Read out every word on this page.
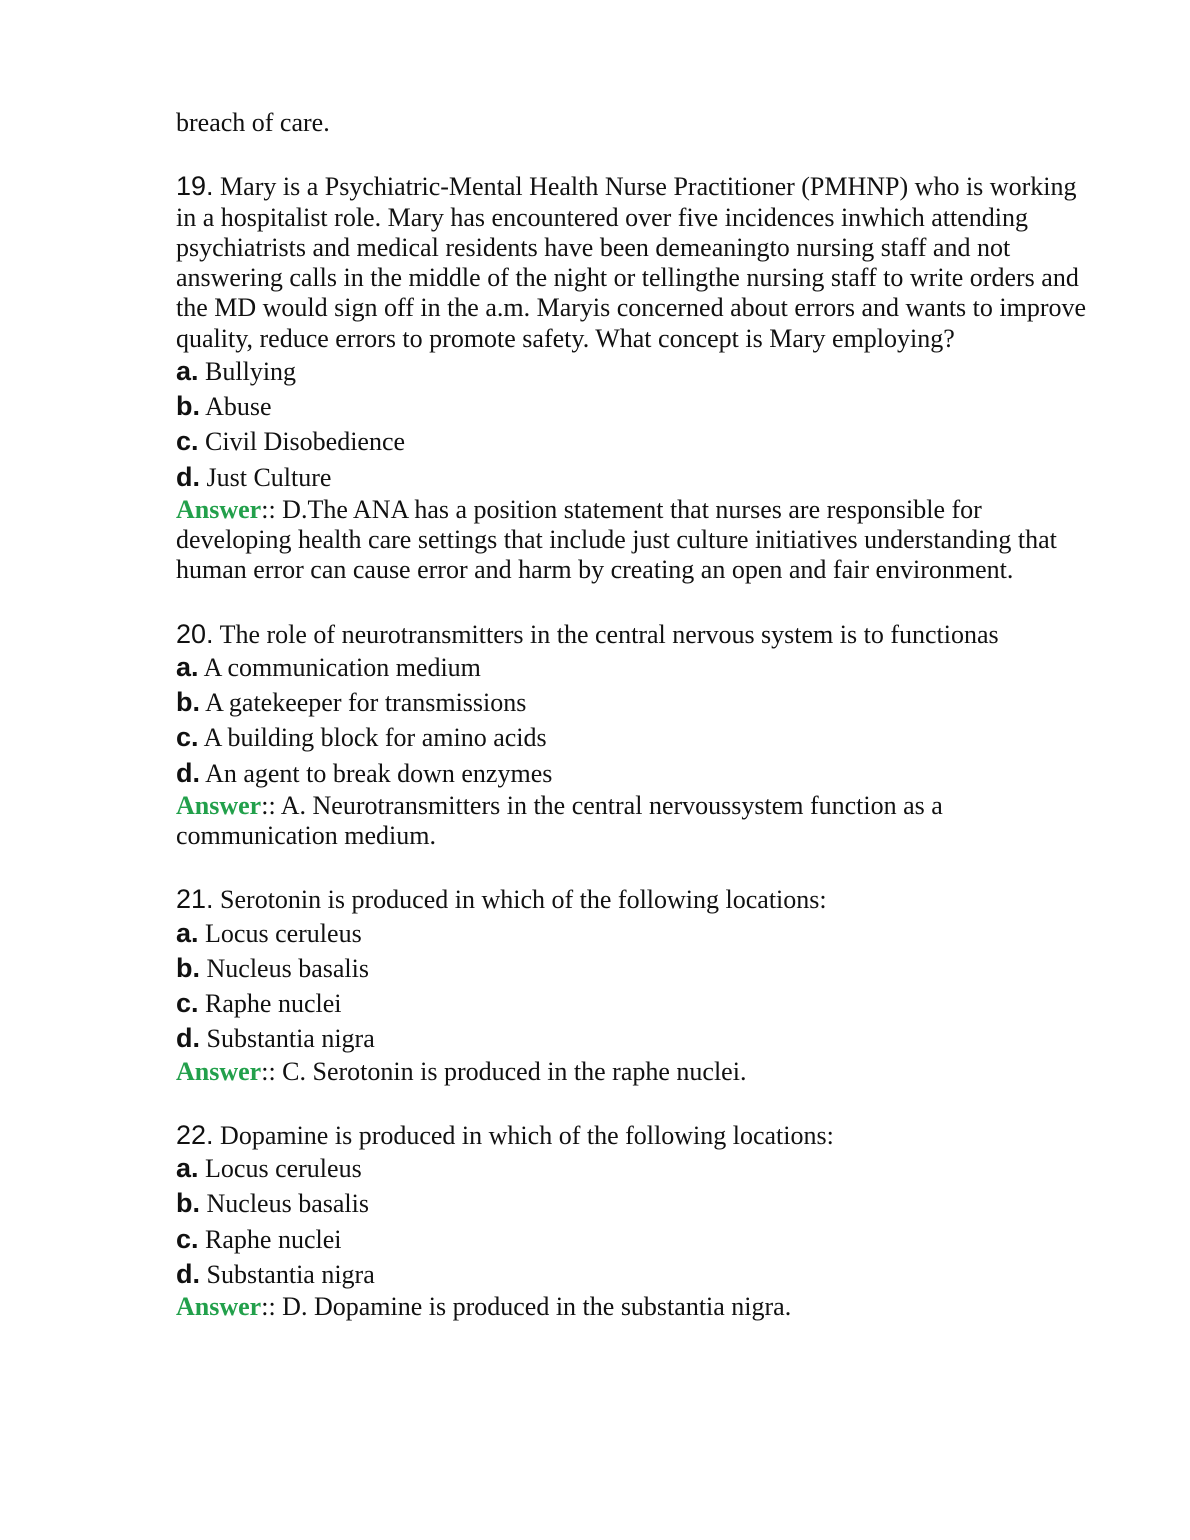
breach of care.

19. Mary is a Psychiatric-Mental Health Nurse Practitioner (PMHNP) who is working in a hospitalist role. Mary has encountered over five incidences inwhich attending psychiatrists and medical residents have been demeaningto nursing staff and not answering calls in the middle of the night or tellingthe nursing staff to write orders and the MD would sign off in the a.m. Maryis concerned about errors and wants to improve quality, reduce errors to promote safety. What concept is Mary employing?

a. Bullying

b. Abuse

c. Civil Disobedience

d. Just Culture

Answer:: D.The ANA has a position statement that nurses are responsible for developing health care settings that include just culture initiatives understanding that human error can cause error and harm by creating an open and fair environment.

20. The role of neurotransmitters in the central nervous system is to functionas

a. A communication medium

b. A gatekeeper for transmissions

c. A building block for amino acids

d. An agent to break down enzymes

Answer:: A. Neurotransmitters in the central nervoussystem function as a communication medium.

21. Serotonin is produced in which of the following locations:

a. Locus ceruleus

b. Nucleus basalis

c. Raphe nuclei

d. Substantia nigra

Answer:: C. Serotonin is produced in the raphe nuclei.

22. Dopamine is produced in which of the following locations:

a. Locus ceruleus

b. Nucleus basalis

c. Raphe nuclei

d. Substantia nigra

Answer:: D. Dopamine is produced in the substantia nigra.
